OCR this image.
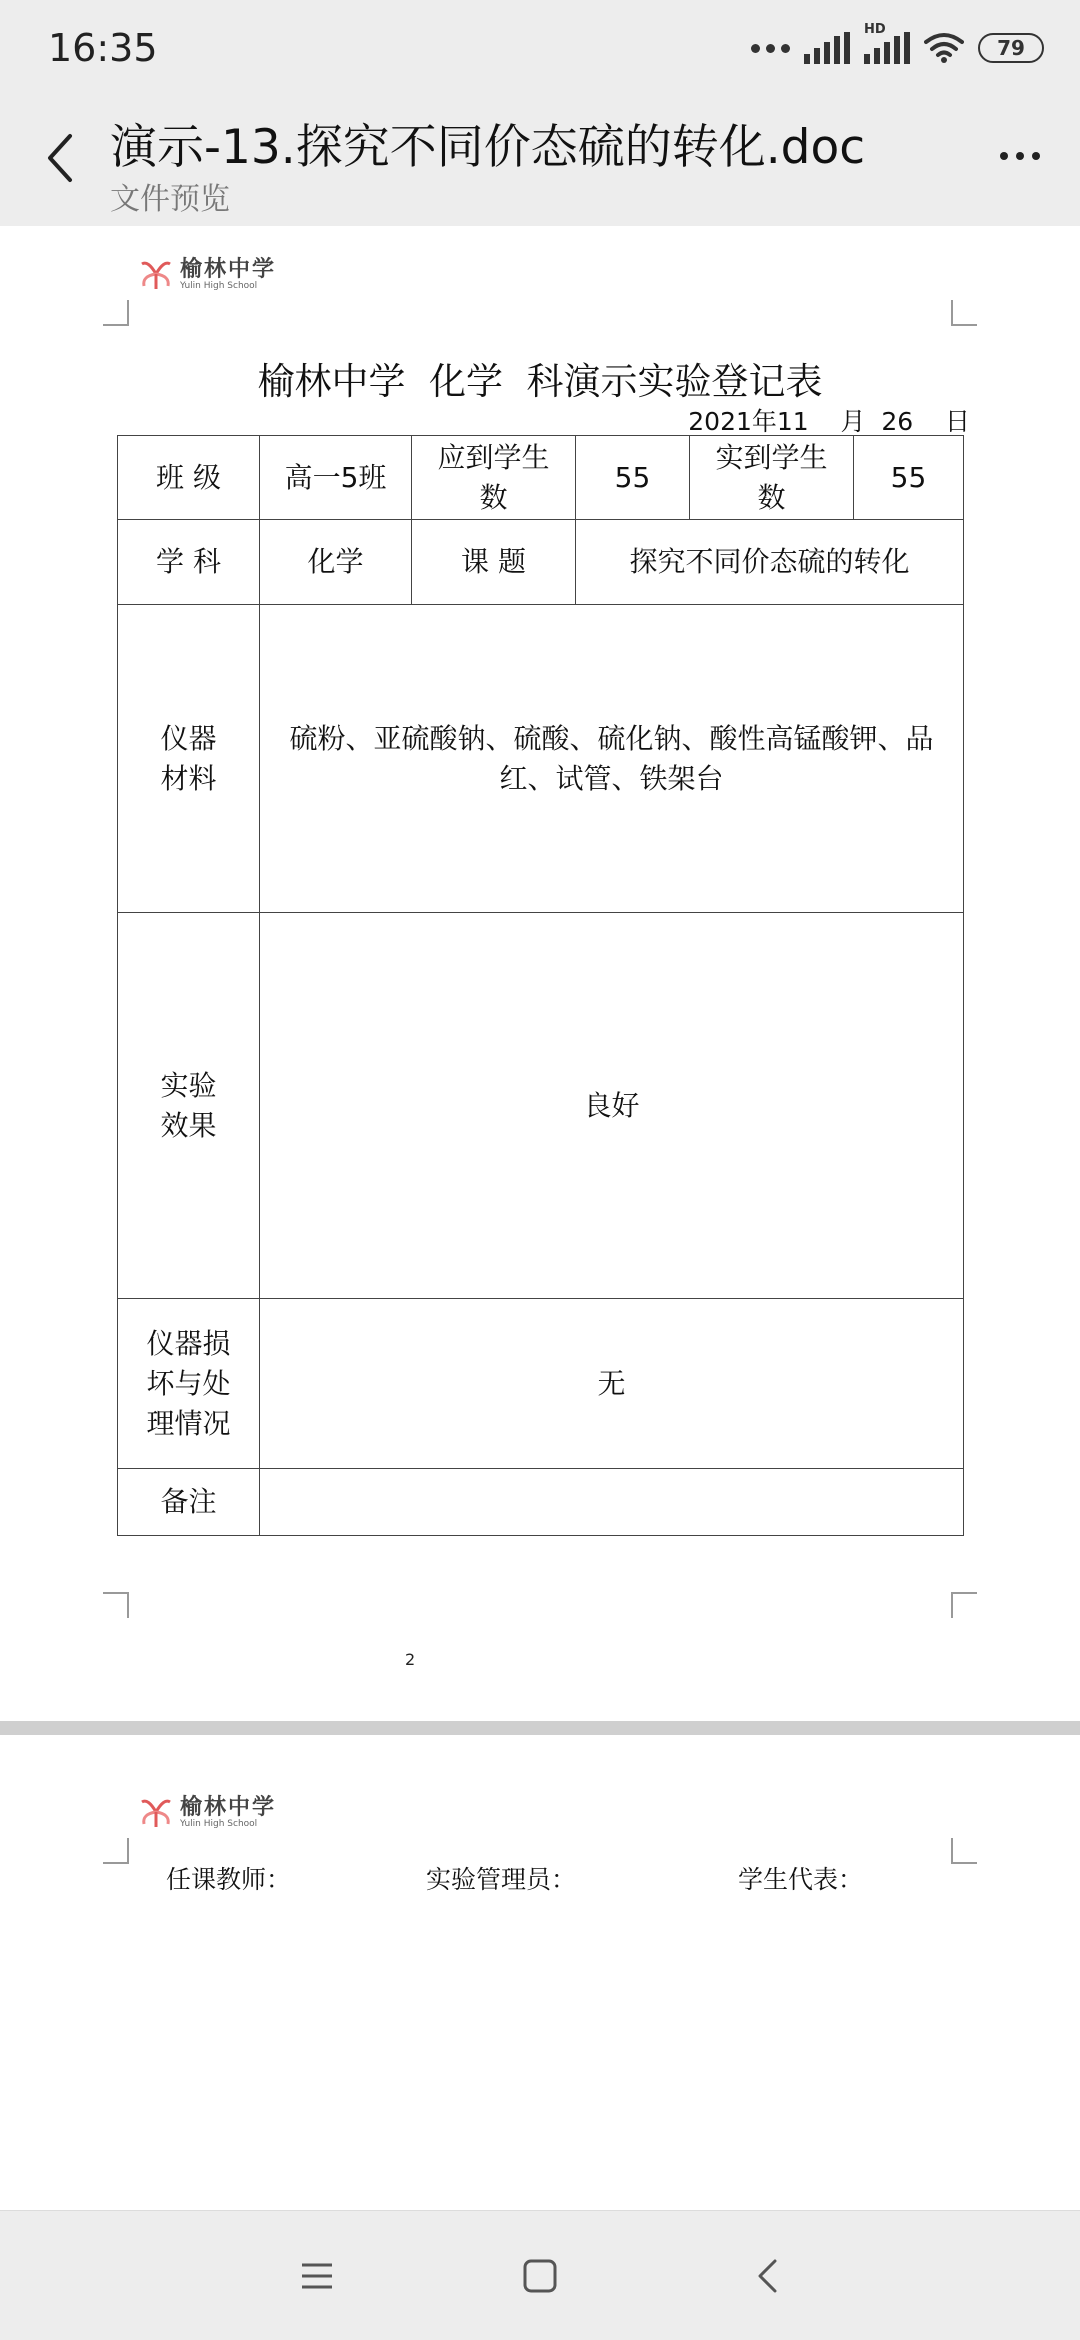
16:35	HD
79
演示-13.探究不同价态硫的转化.doc
文件预览
榆林中学
Yulin High School
榆林中学  化学  科演示实验登记表
2021年11    月  26    日
班 级	高一5班	应到学生数	55	实到学生数	55
学 科	化学	课 题	探究不同价态硫的转化		
仪器
材料	硫粉、亚硫酸钠、硫酸、硫化钠、酸性高锰酸钾、品红、试管、铁架台				
实验
效果	良好				
仪器损
坏与处
理情况	无				
备注					
2
榆林中学
Yulin High School
任课教师：	实验管理员：	学生代表：
